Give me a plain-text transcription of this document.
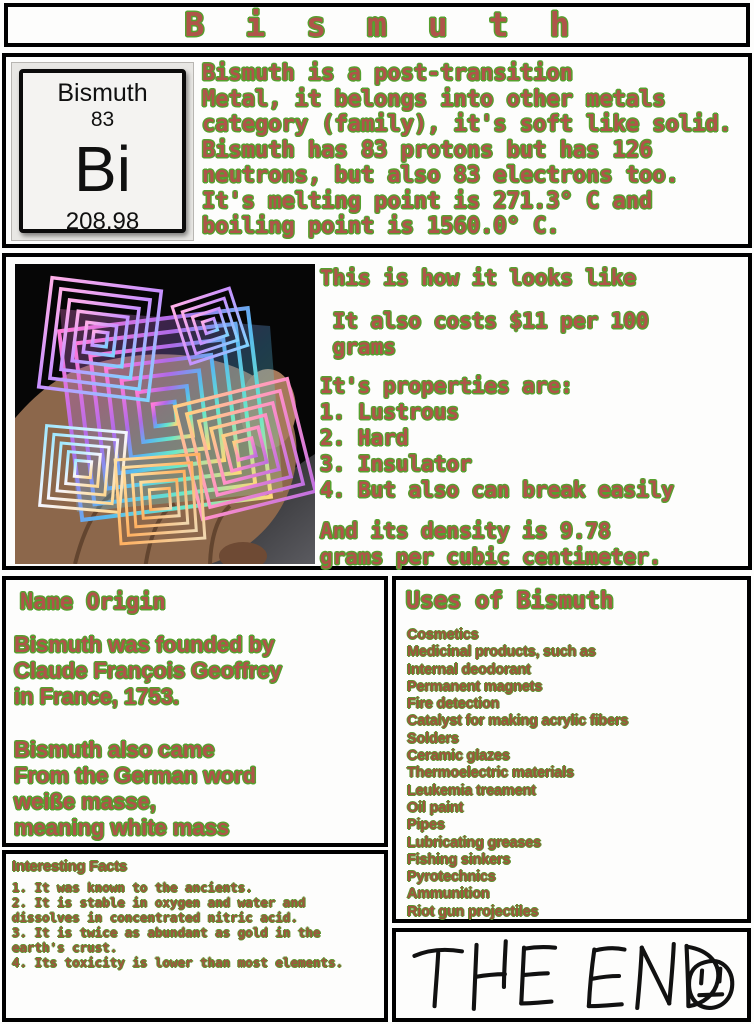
Bismuth
Bismuth
83
Bi
208.98
Bismuth is a post-transition
Metal, it belongs into other metals
category (family), it's soft like solid.
Bismuth has 83 protons but has 126
neutrons, but also 83 electrons too.
It's melting point is 271.3° C and
boiling point is 1560.0° C.
This is how it looks like
It also costs $11 per 100
grams
It's properties are:
1. Lustrous
2. Hard
3. Insulator
4. But also can break easily
And its density is 9.78
grams per cubic centimeter.
Name Origin
Bismuth was founded by
Claude François Geoffrey
in France, 1753.
Bismuth also came
From the German word
weiße masse,
meaning white mass
Interesting Facts
1. It was known to the ancients.
2. It is stable in oxygen and water and dissolves in concentrated nitric acid.
3. It is twice as abundant as gold in the earth's crust.
4. Its toxicity is lower than most elements.
Uses of Bismuth
Cosmetics
Medicinal products, such as
Internal deodorant
Permanent magnets
Fire detection
Catalyst for making acrylic fibers
Solders
Ceramic glazes
Thermoelectric materials
Leukemia treament
Oil paint
Pipes
Lubricating greases
Fishing sinkers
Pyrotechnics
Ammunition
Riot gun projectiles
